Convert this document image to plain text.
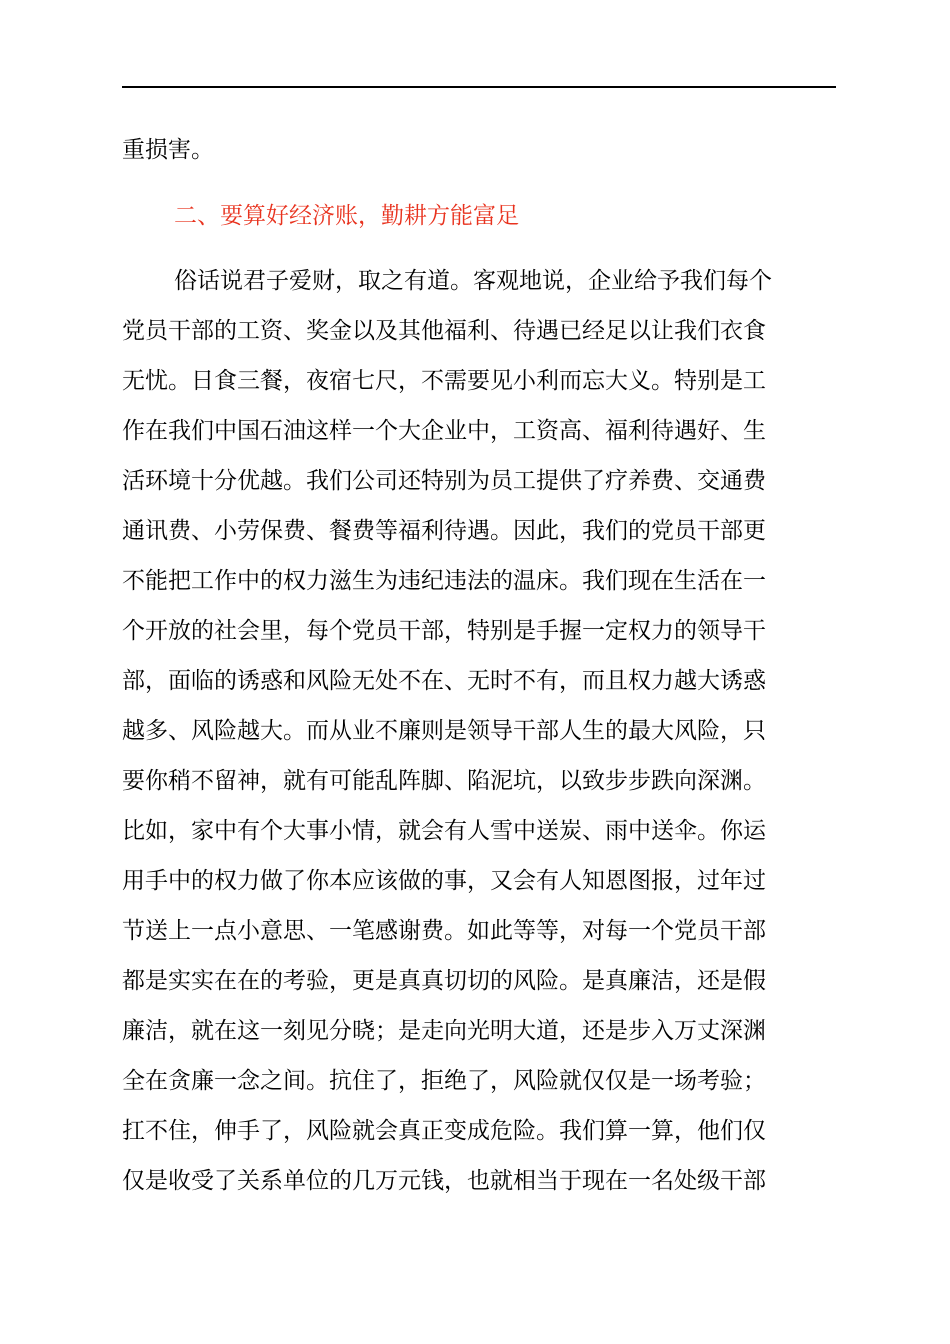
重损害。
二、要算好经济账，勤耕方能富足
俗话说君子爱财，取之有道。客观地说，企业给予我们每个
党员干部的工资、奖金以及其他福利、待遇已经足以让我们衣食
无忧。日食三餐，夜宿七尺，不需要见小利而忘大义。特别是工
作在我们中国石油这样一个大企业中，工资高、福利待遇好、生
活环境十分优越。我们公司还特别为员工提供了疗养费、交通费
通讯费、小劳保费、餐费等福利待遇。因此，我们的党员干部更
不能把工作中的权力滋生为违纪违法的温床。我们现在生活在一
个开放的社会里，每个党员干部，特别是手握一定权力的领导干
部，面临的诱惑和风险无处不在、无时不有，而且权力越大诱惑
越多、风险越大。而从业不廉则是领导干部人生的最大风险，只
要你稍不留神，就有可能乱阵脚、陷泥坑，以致步步跌向深渊。
比如，家中有个大事小情，就会有人雪中送炭、雨中送伞。你运
用手中的权力做了你本应该做的事，又会有人知恩图报，过年过
节送上一点小意思、一笔感谢费。如此等等，对每一个党员干部
都是实实在在的考验，更是真真切切的风险。是真廉洁，还是假
廉洁，就在这一刻见分晓；是走向光明大道，还是步入万丈深渊
全在贪廉一念之间。抗住了，拒绝了，风险就仅仅是一场考验；
扛不住，伸手了，风险就会真正变成危险。我们算一算，他们仅
仅是收受了关系单位的几万元钱，也就相当于现在一名处级干部
